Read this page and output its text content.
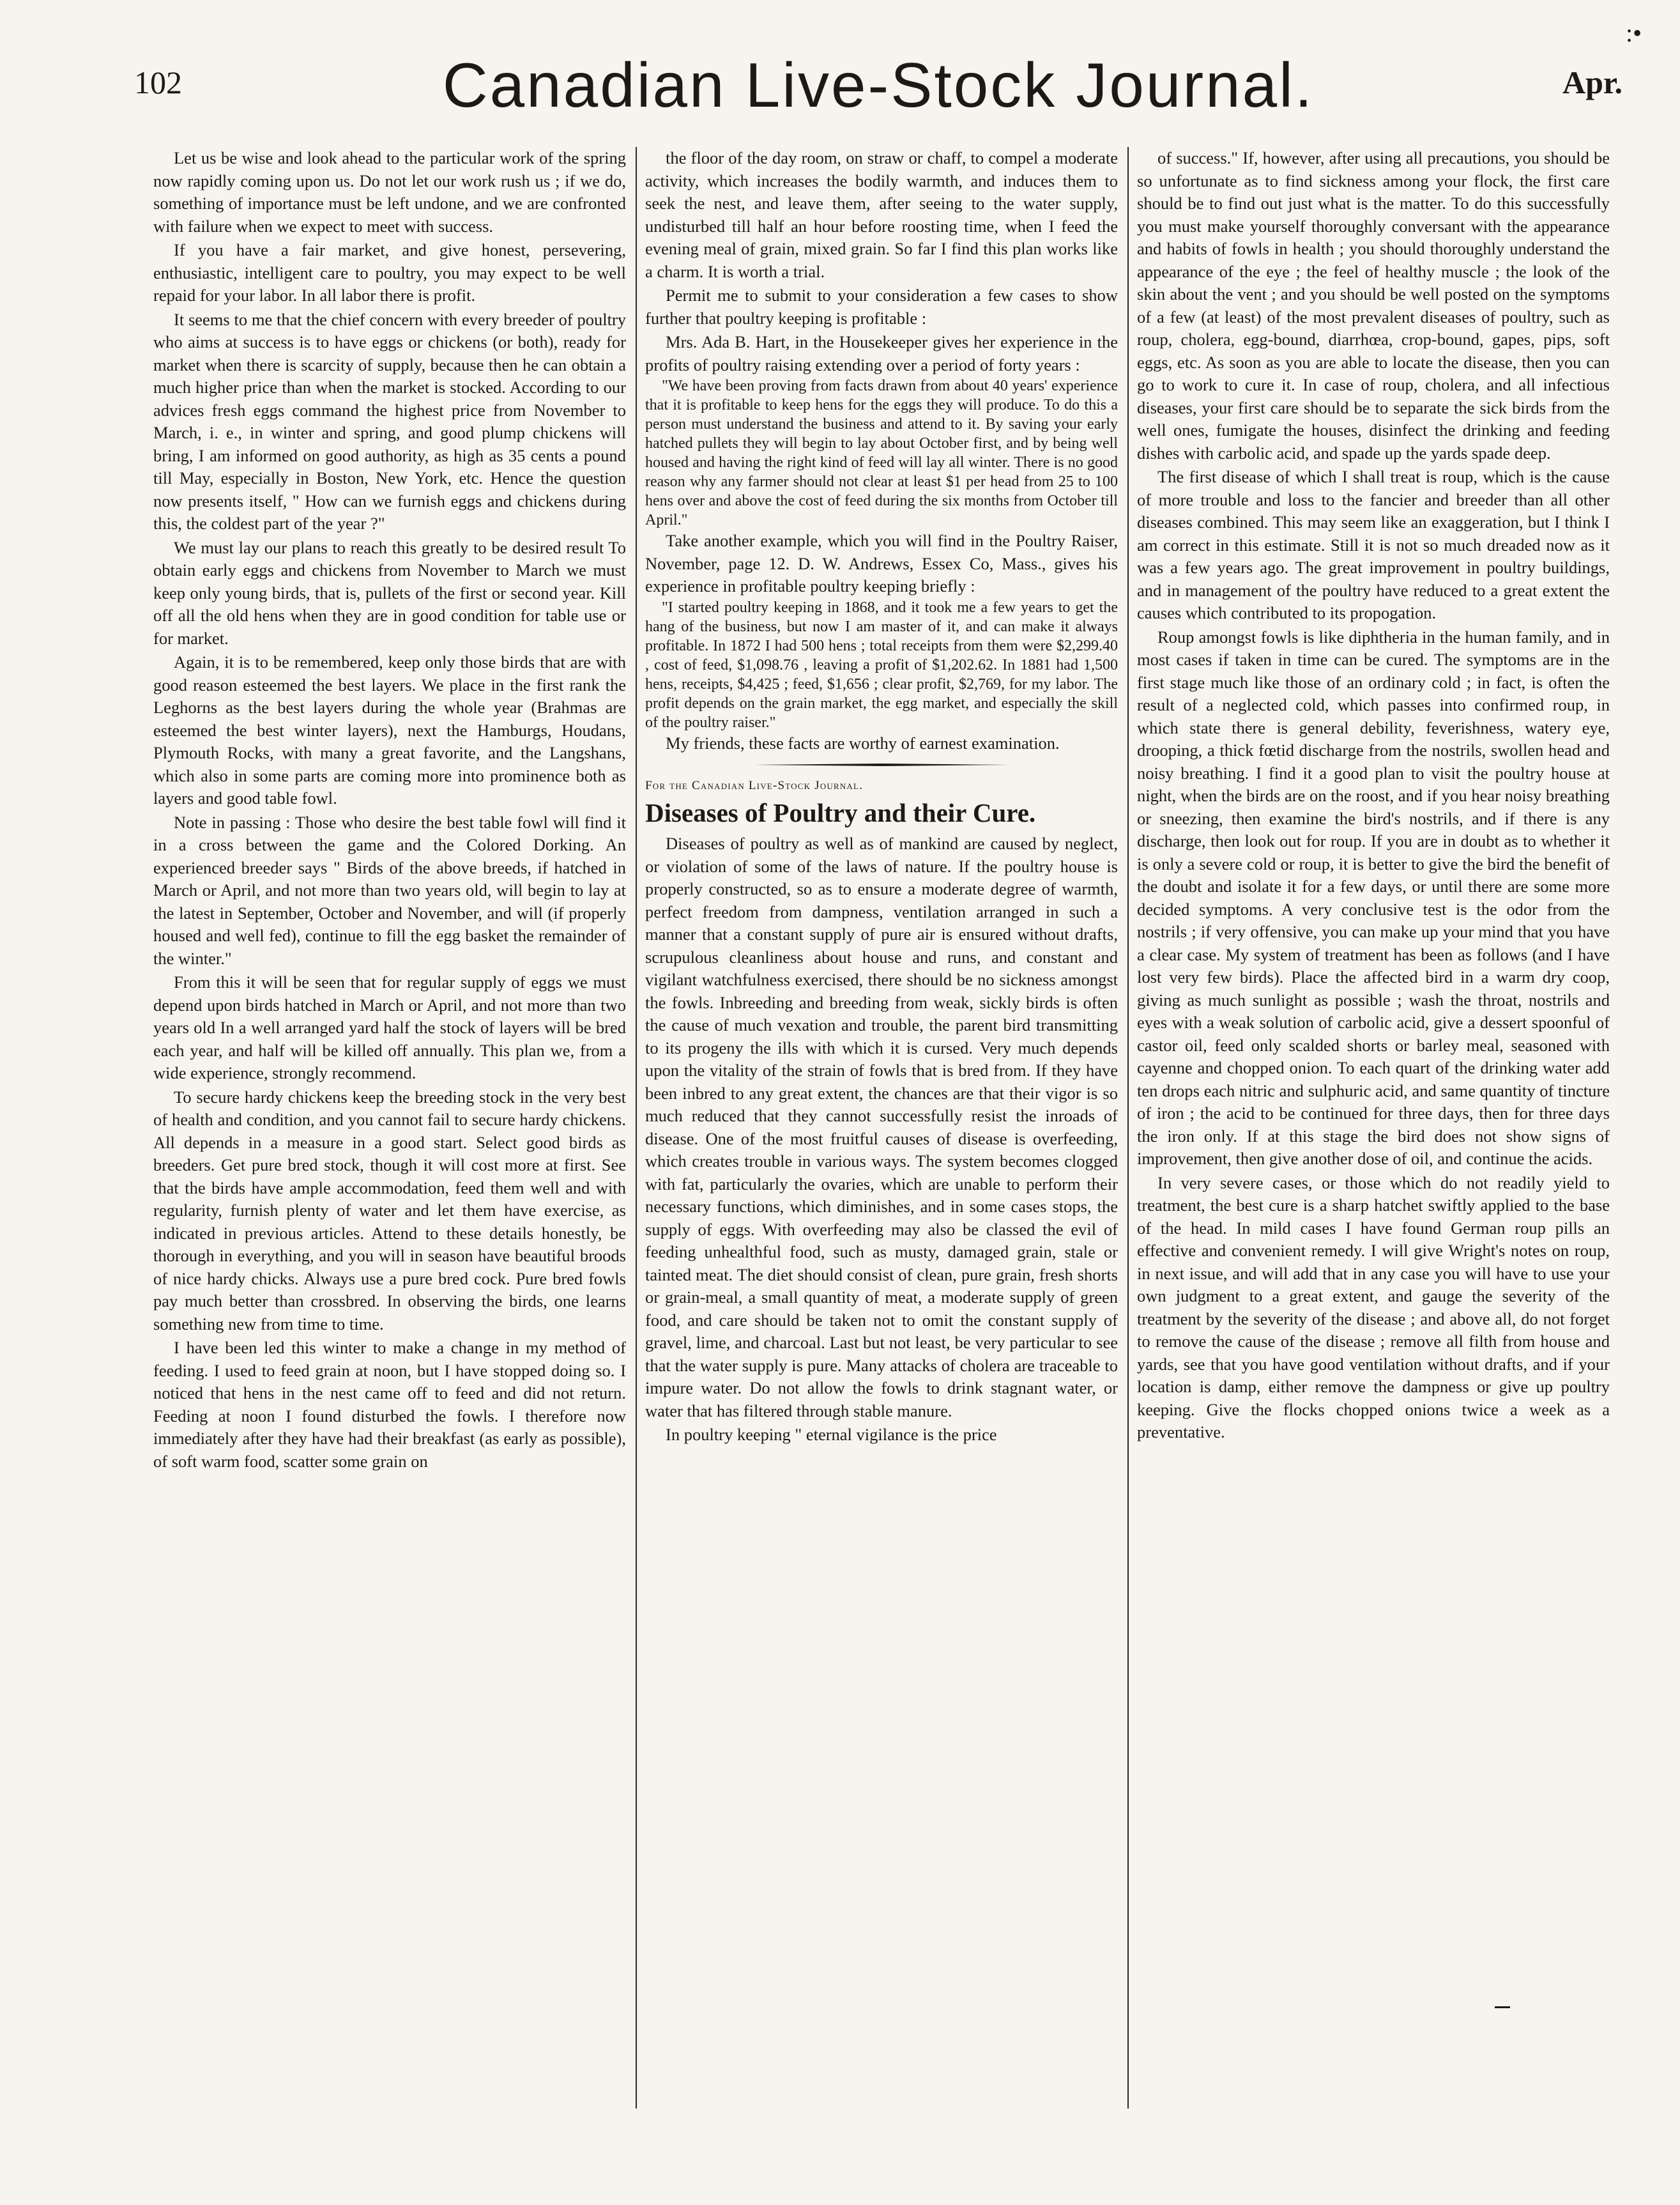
102	Canadian Live-Stock Journal.	Apr.
:•

Let us be wise and look ahead to the particular work of the spring now rapidly coming upon us. Do not let our work rush us ; if we do, something of importance must be left undone, and we are confronted with failure when we expect to meet with success.

If you have a fair market, and give honest, persevering, enthusiastic, intelligent care to poultry, you may expect to be well repaid for your labor. In all labor there is profit.

It seems to me that the chief concern with every breeder of poultry who aims at success is to have eggs or chickens (or both), ready for market when there is scarcity of supply, because then he can obtain a much higher price than when the market is stocked. According to our advices fresh eggs command the highest price from November to March, i. e., in winter and spring, and good plump chickens will bring, I am informed on good authority, as high as 35 cents a pound till May, especially in Boston, New York, etc. Hence the question now presents itself, " How can we furnish eggs and chickens during this, the coldest part of the year ?"

We must lay our plans to reach this greatly to be desired result To obtain early eggs and chickens from November to March we must keep only young birds, that is, pullets of the first or second year. Kill off all the old hens when they are in good condition for table use or for market.

Again, it is to be remembered, keep only those birds that are with good reason esteemed the best layers. We place in the first rank the Leghorns as the best layers during the whole year (Brahmas are esteemed the best winter layers), next the Hamburgs, Houdans, Plymouth Rocks, with many a great favorite, and the Langshans, which also in some parts are coming more into prominence both as layers and good table fowl.

Note in passing : Those who desire the best table fowl will find it in a cross between the game and the Colored Dorking. An experienced breeder says " Birds of the above breeds, if hatched in March or April, and not more than two years old, will begin to lay at the latest in September, October and November, and will (if properly housed and well fed), continue to fill the egg basket the remainder of the winter."

From this it will be seen that for regular supply of eggs we must depend upon birds hatched in March or April, and not more than two years old In a well arranged yard half the stock of layers will be bred each year, and half will be killed off annually. This plan we, from a wide experience, strongly recommend.

To secure hardy chickens keep the breeding stock in the very best of health and condition, and you cannot fail to secure hardy chickens. All depends in a measure in a good start. Select good birds as breeders. Get pure bred stock, though it will cost more at first. See that the birds have ample accommodation, feed them well and with regularity, furnish plenty of water and let them have exercise, as indicated in previous articles. Attend to these details honestly, be thorough in everything, and you will in season have beautiful broods of nice hardy chicks. Always use a pure bred cock. Pure bred fowls pay much better than crossbred. In observing the birds, one learns something new from time to time.

I have been led this winter to make a change in my method of feeding. I used to feed grain at noon, but I have stopped doing so. I noticed that hens in the nest came off to feed and did not return. Feeding at noon I found disturbed the fowls. I therefore now immediately after they have had their breakfast (as early as possible), of soft warm food, scatter some grain on

the floor of the day room, on straw or chaff, to compel a moderate activity, which increases the bodily warmth, and induces them to seek the nest, and leave them, after seeing to the water supply, undisturbed till half an hour before roosting time, when I feed the evening meal of grain, mixed grain. So far I find this plan works like a charm. It is worth a trial.

Permit me to submit to your consideration a few cases to show further that poultry keeping is profitable :

Mrs. Ada B. Hart, in the Housekeeper gives her experience in the profits of poultry raising extending over a period of forty years :

"We have been proving from facts drawn from about 40 years' experience that it is profitable to keep hens for the eggs they will produce. To do this a person must understand the business and attend to it. By saving your early hatched pullets they will begin to lay about October first, and by being well housed and having the right kind of feed will lay all winter. There is no good reason why any farmer should not clear at least $1 per head from 25 to 100 hens over and above the cost of feed during the six months from October till April."

Take another example, which you will find in the Poultry Raiser, November, page 12. D. W. Andrews, Essex Co, Mass., gives his experience in profitable poultry keeping briefly :

"I started poultry keeping in 1868, and it took me a few years to get the hang of the business, but now I am master of it, and can make it always profitable. In 1872 I had 500 hens ; total receipts from them were $2,299.40 , cost of feed, $1,098.76 , leaving a profit of $1,202.62. In 1881 had 1,500 hens, receipts, $4,425 ; feed, $1,656 ; clear profit, $2,769, for my labor. The profit depends on the grain market, the egg market, and especially the skill of the poultry raiser."

My friends, these facts are worthy of earnest examination.

For the Canadian Live-Stock Journal.
Diseases of Poultry and their Cure.

Diseases of poultry as well as of mankind are caused by neglect, or violation of some of the laws of nature. If the poultry house is properly constructed, so as to ensure a moderate degree of warmth, perfect freedom from dampness, ventilation arranged in such a manner that a constant supply of pure air is ensured without drafts, scrupulous cleanliness about house and runs, and constant and vigilant watchfulness exercised, there should be no sickness amongst the fowls. Inbreeding and breeding from weak, sickly birds is often the cause of much vexation and trouble, the parent bird transmitting to its progeny the ills with which it is cursed. Very much depends upon the vitality of the strain of fowls that is bred from. If they have been inbred to any great extent, the chances are that their vigor is so much reduced that they cannot successfully resist the inroads of disease. One of the most fruitful causes of disease is overfeeding, which creates trouble in various ways. The system becomes clogged with fat, particularly the ovaries, which are unable to perform their necessary functions, which diminishes, and in some cases stops, the supply of eggs. With overfeeding may also be classed the evil of feeding unhealthful food, such as musty, damaged grain, stale or tainted meat. The diet should consist of clean, pure grain, fresh shorts or grain-meal, a small quantity of meat, a moderate supply of green food, and care should be taken not to omit the constant supply of gravel, lime, and charcoal. Last but not least, be very particular to see that the water supply is pure. Many attacks of cholera are traceable to impure water. Do not allow the fowls to drink stagnant water, or water that has filtered through stable manure.

In poultry keeping " eternal vigilance is the price

of success." If, however, after using all precautions, you should be so unfortunate as to find sickness among your flock, the first care should be to find out just what is the matter. To do this successfully you must make yourself thoroughly conversant with the appearance and habits of fowls in health ; you should thoroughly understand the appearance of the eye ; the feel of healthy muscle ; the look of the skin about the vent ; and you should be well posted on the symptoms of a few (at least) of the most prevalent diseases of poultry, such as roup, cholera, egg-bound, diarrhœa, crop-bound, gapes, pips, soft eggs, etc. As soon as you are able to locate the disease, then you can go to work to cure it. In case of roup, cholera, and all infectious diseases, your first care should be to separate the sick birds from the well ones, fumigate the houses, disinfect the drinking and feeding dishes with carbolic acid, and spade up the yards spade deep.

The first disease of which I shall treat is roup, which is the cause of more trouble and loss to the fancier and breeder than all other diseases combined. This may seem like an exaggeration, but I think I am correct in this estimate. Still it is not so much dreaded now as it was a few years ago. The great improvement in poultry buildings, and in management of the poultry have reduced to a great extent the causes which contributed to its propogation.

Roup amongst fowls is like diphtheria in the human family, and in most cases if taken in time can be cured. The symptoms are in the first stage much like those of an ordinary cold ; in fact, is often the result of a neglected cold, which passes into confirmed roup, in which state there is general debility, feverishness, watery eye, drooping, a thick fœtid discharge from the nostrils, swollen head and noisy breathing. I find it a good plan to visit the poultry house at night, when the birds are on the roost, and if you hear noisy breathing or sneezing, then examine the bird's nostrils, and if there is any discharge, then look out for roup. If you are in doubt as to whether it is only a severe cold or roup, it is better to give the bird the benefit of the doubt and isolate it for a few days, or until there are some more decided symptoms. A very conclusive test is the odor from the nostrils ; if very offensive, you can make up your mind that you have a clear case. My system of treatment has been as follows (and I have lost very few birds). Place the affected bird in a warm dry coop, giving as much sunlight as possible ; wash the throat, nostrils and eyes with a weak solution of carbolic acid, give a dessert spoonful of castor oil, feed only scalded shorts or barley meal, seasoned with cayenne and chopped onion. To each quart of the drinking water add ten drops each nitric and sulphuric acid, and same quantity of tincture of iron ; the acid to be continued for three days, then for three days the iron only. If at this stage the bird does not show signs of improvement, then give another dose of oil, and continue the acids.

In very severe cases, or those which do not readily yield to treatment, the best cure is a sharp hatchet swiftly applied to the base of the head. In mild cases I have found German roup pills an effective and convenient remedy. I will give Wright's notes on roup, in next issue, and will add that in any case you will have to use your own judgment to a great extent, and gauge the severity of the treatment by the severity of the disease ; and above all, do not forget to remove the cause of the disease ; remove all filth from house and yards, see that you have good ventilation without drafts, and if your location is damp, either remove the dampness or give up poultry keeping. Give the flocks chopped onions twice a week as a preventative.
